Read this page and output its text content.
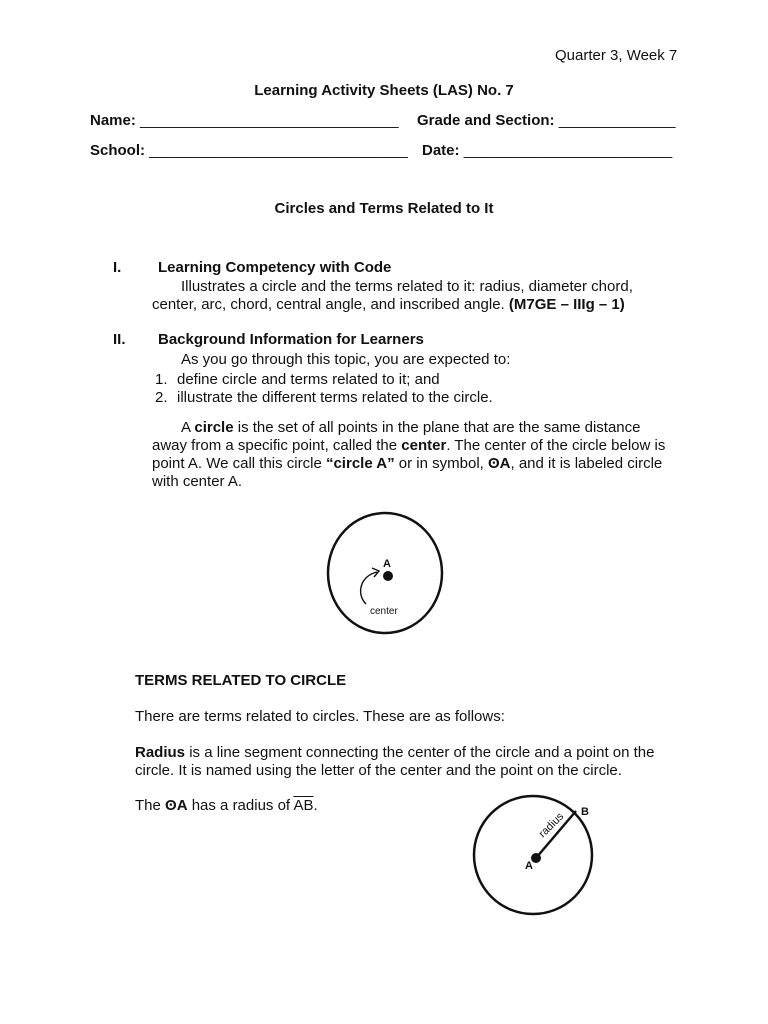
Quarter 3, Week 7
Learning Activity Sheets (LAS) No. 7
Name: _______________________________ Grade and Section: ______________
School: _______________________________ Date: _________________________
Circles and Terms Related to It
I. Learning Competency with Code
Illustrates a circle and the terms related to it: radius, diameter chord, center, arc, chord, central angle, and inscribed angle. (M7GE – IIIg – 1)
II. Background Information for Learners
As you go through this topic, you are expected to:
1. define circle and terms related to it; and
2. illustrate the different terms related to the circle.
A circle is the set of all points in the plane that are the same distance away from a specific point, called the center. The center of the circle below is point A. We call this circle “circle A” or in symbol, ʘA, and it is labeled circle with center A.
A
center
TERMS RELATED TO CIRCLE
There are terms related to circles. These are as follows:
Radius is a line segment connecting the center of the circle and a point on the circle. It is named using the letter of the center and the point on the circle.
The ʘA has a radius of AB.
A
B
radius
